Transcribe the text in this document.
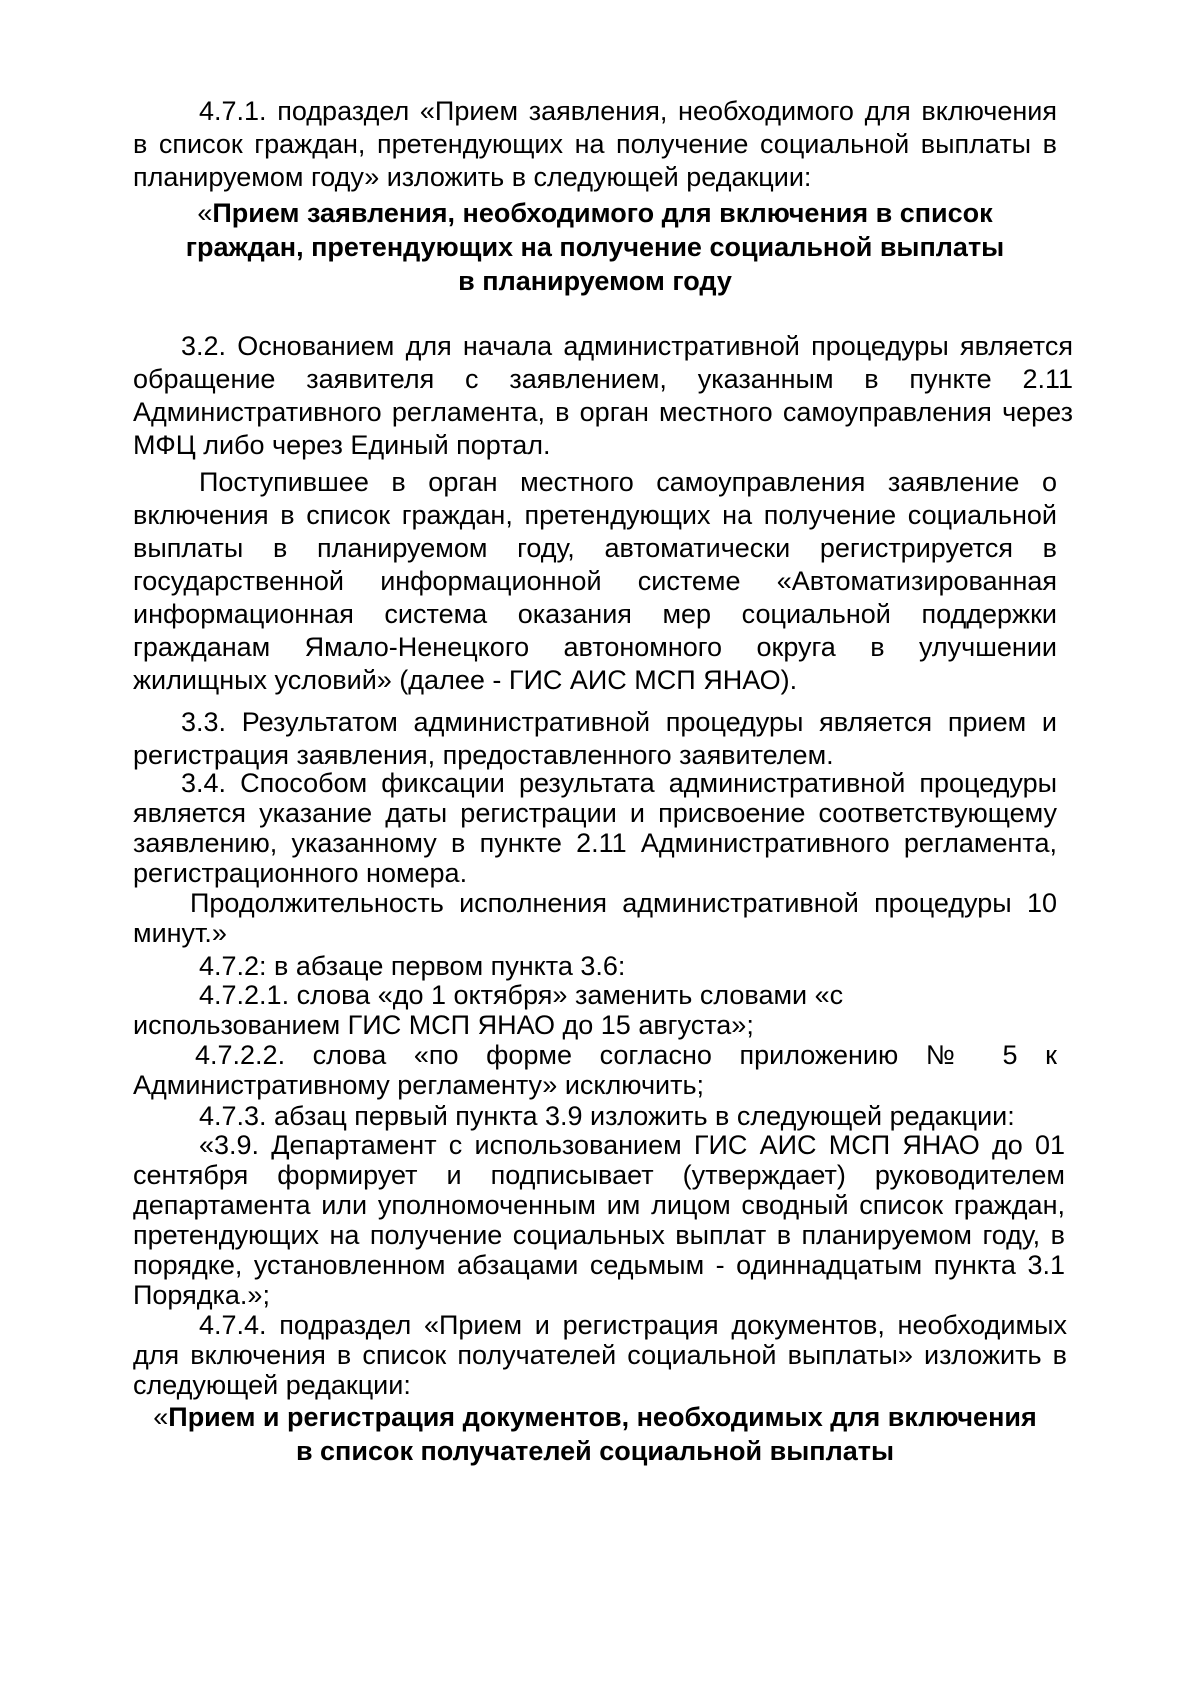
4.7.1. подраздел «Прием заявления, необходимого для включения в список граждан, претендующих на получение социальной выплаты в планируемом году» изложить в следующей редакции:

«Прием заявления, необходимого для включения в список
граждан, претендующих на получение социальной выплаты
в планируемом году

3.2. Основанием для начала административной процедуры является обращение заявителя с заявлением, указанным в пункте 2.11 Административного регламента, в орган местного самоуправления через МФЦ либо через Единый портал.

Поступившее в орган местного самоуправления заявление о включения в список граждан, претендующих на получение социальной выплаты в планируемом году, автоматически регистрируется в государственной информационной системе «Автоматизированная информационная система оказания мер социальной поддержки гражданам Ямало-Ненецкого автономного округа в улучшении жилищных условий» (далее - ГИС АИС МСП ЯНАО).

3.3. Результатом административной процедуры является прием и регистрация заявления, предоставленного заявителем.

3.4. Способом фиксации результата административной процедуры является указание даты регистрации и присвоение соответствующему заявлению, указанному в пункте 2.11 Административного регламента, регистрационного номера.

Продолжительность исполнения административной процедуры 10 минут.»

4.7.2: в абзаце первом пункта 3.6:

4.7.2.1. слова «до 1 октября» заменить словами «с использованием ГИС МСП ЯНАО до 15 августа»;

4.7.2.2. слова «по форме согласно приложению № 5 к Административному регламенту» исключить;

4.7.3. абзац первый пункта 3.9 изложить в следующей редакции:

«3.9. Департамент с использованием ГИС АИС МСП ЯНАО до 01 сентября формирует и подписывает (утверждает) руководителем департамента или уполномоченным им лицом сводный список граждан, претендующих на получение социальных выплат в планируемом году, в порядке, установленном абзацами седьмым - одиннадцатым пункта 3.1 Порядка.»;

4.7.4. подраздел «Прием и регистрация документов, необходимых для включения в список получателей социальной выплаты» изложить в следующей редакции:

«Прием и регистрация документов, необходимых для включения
в список получателей социальной выплаты
